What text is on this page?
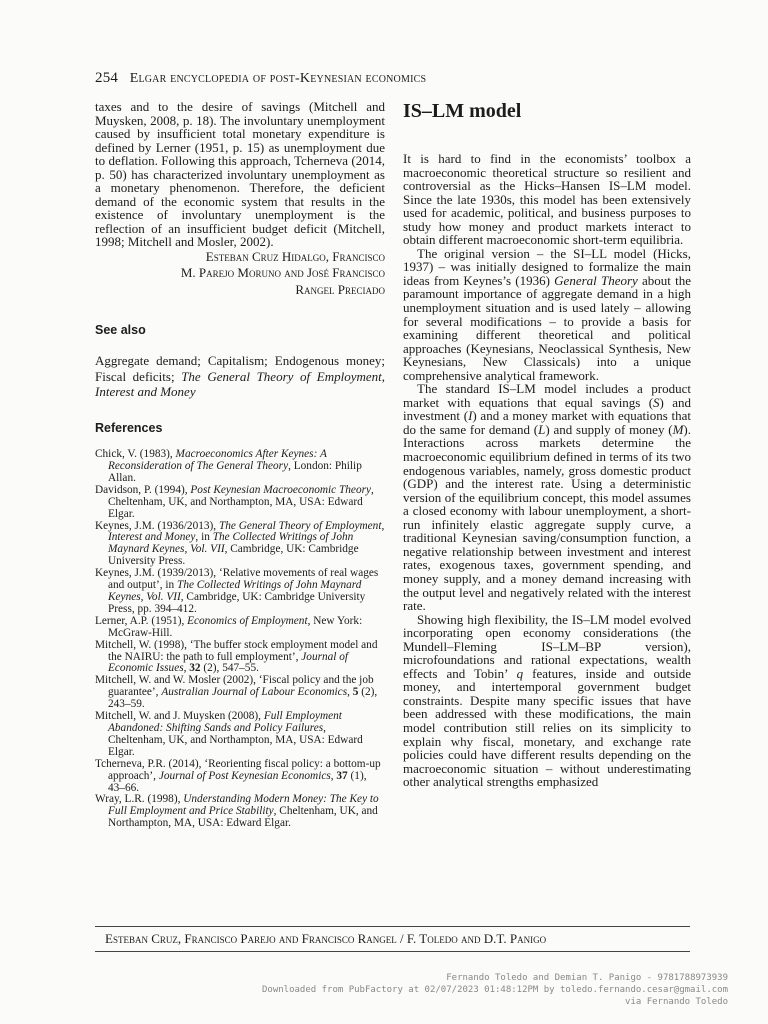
254 Elgar encyclopedia of post-Keynesian economics

taxes and to the desire of savings (Mitchell and Muysken, 2008, p. 18). The involuntary unemployment caused by insufficient total monetary expenditure is defined by Lerner (1951, p. 15) as unemployment due to deflation. Following this approach, Tcherneva (2014, p. 50) has characterized involuntary unemployment as a monetary phenomenon. Therefore, the deficient demand of the economic system that results in the existence of involuntary unemployment is the reflection of an insufficient budget deficit (Mitchell, 1998; Mitchell and Mosler, 2002).

Esteban Cruz Hidalgo, Francisco
M. Parejo Moruno and José Francisco
Rangel Preciado
See also
Aggregate demand; Capitalism; Endogenous money; Fiscal deficits; The General Theory of Employment, Interest and Money
References

Chick, V. (1983), Macroeconomics After Keynes: A Reconsideration of The General Theory, London: Philip Allan.

Davidson, P. (1994), Post Keynesian Macroeconomic Theory, Cheltenham, UK, and Northampton, MA, USA: Edward Elgar.

Keynes, J.M. (1936/2013), The General Theory of Employment, Interest and Money, in The Collected Writings of John Maynard Keynes, Vol. VII, Cambridge, UK: Cambridge University Press.

Keynes, J.M. (1939/2013), ‘Relative movements of real wages and output’, in The Collected Writings of John Maynard Keynes, Vol. VII, Cambridge, UK: Cambridge University Press, pp. 394–412.

Lerner, A.P. (1951), Economics of Employment, New York: McGraw-Hill.

Mitchell, W. (1998), ‘The buffer stock employment model and the NAIRU: the path to full employment’, Journal of Economic Issues, 32 (2), 547–55.

Mitchell, W. and W. Mosler (2002), ‘Fiscal policy and the job guarantee’, Australian Journal of Labour Economics, 5 (2), 243–59.

Mitchell, W. and J. Muysken (2008), Full Employment Abandoned: Shifting Sands and Policy Failures, Cheltenham, UK, and Northampton, MA, USA: Edward Elgar.

Tcherneva, P.R. (2014), ‘Reorienting fiscal policy: a bottom-up approach’, Journal of Post Keynesian Economics, 37 (1), 43–66.

Wray, L.R. (1998), Understanding Modern Money: The Key to Full Employment and Price Stability, Cheltenham, UK, and Northampton, MA, USA: Edward Elgar.

IS–LM model

It is hard to find in the economists’ toolbox a macroeconomic theoretical structure so resilient and controversial as the Hicks–Hansen IS–LM model. Since the late 1930s, this model has been extensively used for academic, political, and business purposes to study how money and product markets interact to obtain different macroeconomic short-term equilibria.

The original version – the SI–LL model (Hicks, 1937) – was initially designed to formalize the main ideas from Keynes’s (1936) General Theory about the paramount importance of aggregate demand in a high unemployment situation and is used lately – allowing for several modifications – to provide a basis for examining different theoretical and political approaches (Keynesians, Neoclassical Synthesis, New Keynesians, New Classicals) into a unique comprehensive analytical framework.

The standard IS–LM model includes a product market with equations that equal savings (S) and investment (I) and a money market with equations that do the same for demand (L) and supply of money (M). Interactions across markets determine the macroeconomic equilibrium defined in terms of its two endogenous variables, namely, gross domestic product (GDP) and the interest rate. Using a deterministic version of the equilibrium concept, this model assumes a closed economy with labour unemployment, a short-run infinitely elastic aggregate supply curve, a traditional Keynesian saving/consumption function, a negative relationship between investment and interest rates, exogenous taxes, government spending, and money supply, and a money demand increasing with the output level and negatively related with the interest rate.

Showing high flexibility, the IS–LM model evolved incorporating open economy considerations (the Mundell–Fleming IS–LM–BP version), microfoundations and rational expectations, wealth effects and Tobin’ q features, inside and outside money, and intertemporal government budget constraints. Despite many specific issues that have been addressed with these modifications, the main model contribution still relies on its simplicity to explain why fiscal, monetary, and exchange rate policies could have different results depending on the macroeconomic situation – without underestimating other analytical strengths emphasized

Esteban Cruz, Francisco Parejo and Francisco Rangel / F. Toledo and D.T. Panigo
Fernando Toledo and Demian T. Panigo - 9781788973939
Downloaded from PubFactory at 02/07/2023 01:48:12PM by toledo.fernando.cesar@gmail.com
via Fernando Toledo
